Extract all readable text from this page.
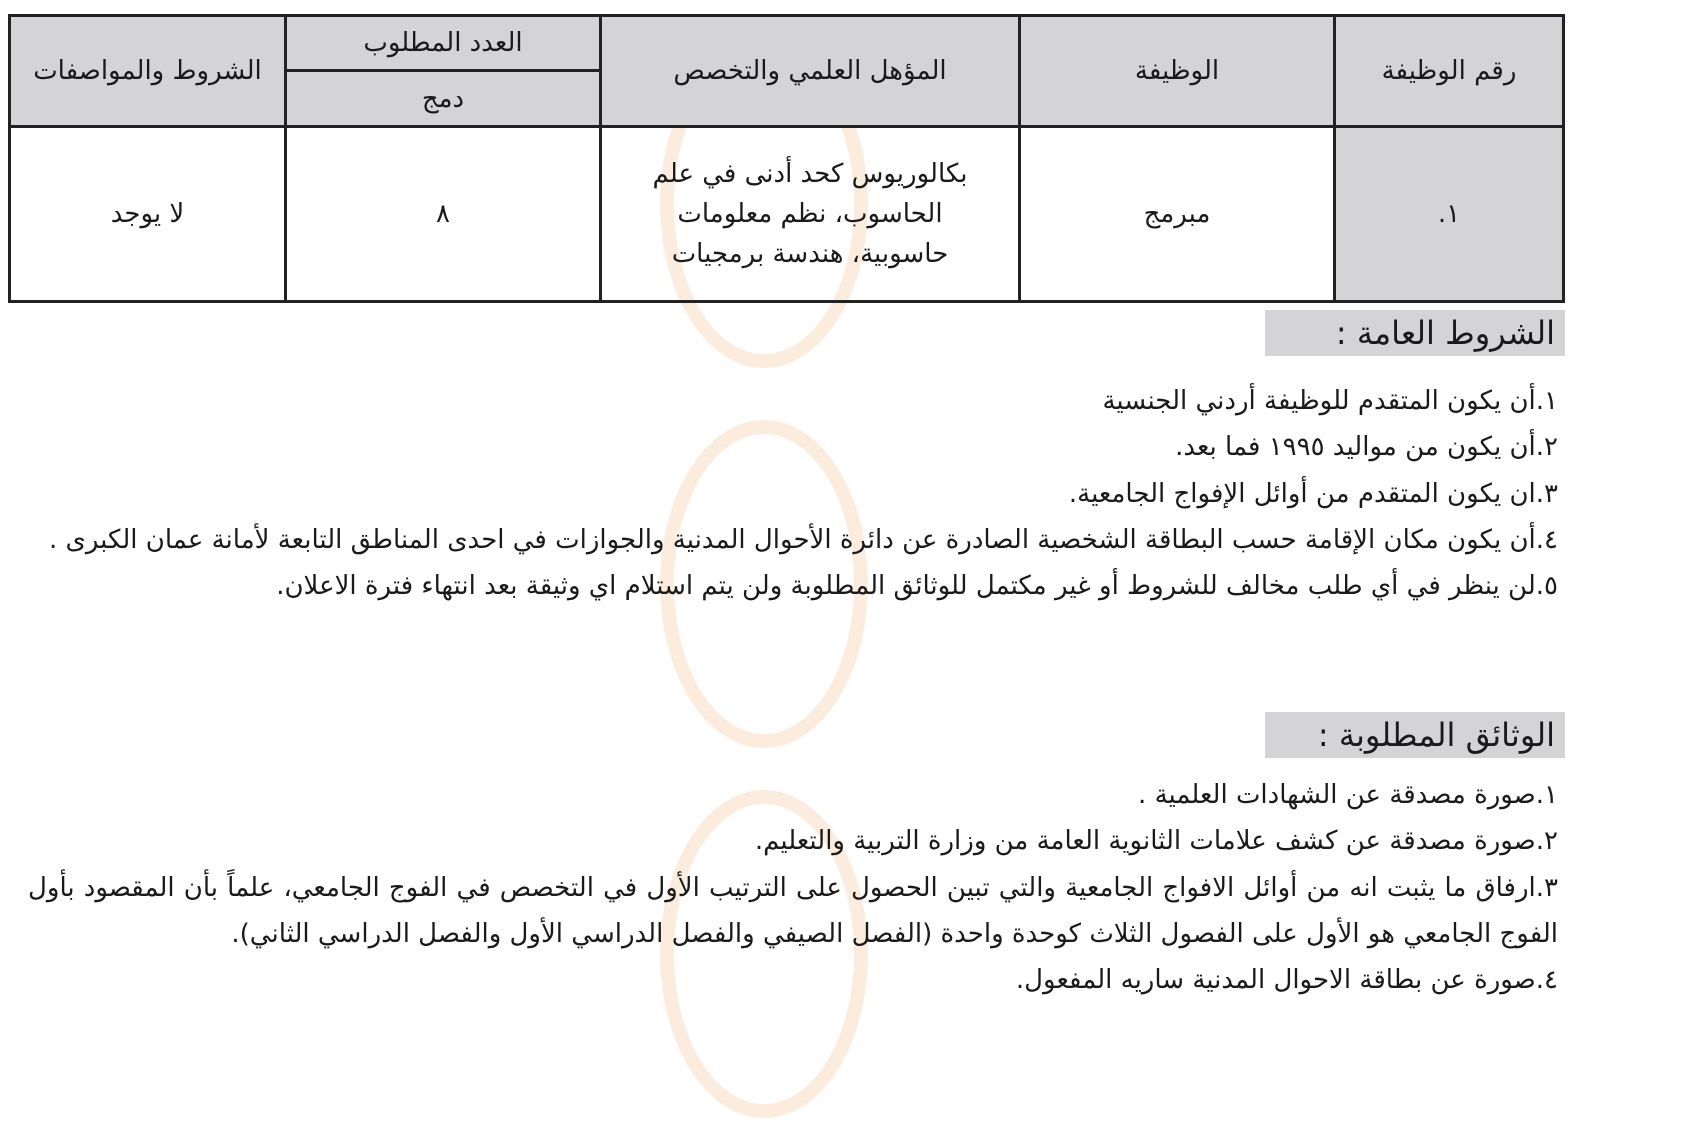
رقم الوظيفة	الوظيفة	المؤهل العلمي والتخصص	العدد المطلوب	الشروط والمواصفات
			دمج	
١.	مبرمج	بكالوريوس كحد أدنى في علم الحاسوب، نظم معلومات حاسوبية، هندسة برمجيات	٨	لا يوجد
الشروط العامة :

١.أن يكون المتقدم للوظيفة أردني الجنسية

٢.أن يكون من مواليد ١٩٩٥ فما بعد.

٣.ان يكون المتقدم من أوائل الإفواج الجامعية.

٤.أن يكون مكان الإقامة حسب البطاقة الشخصية الصادرة عن دائرة الأحوال المدنية والجوازات في احدى المناطق التابعة لأمانة عمان الكبرى .

٥.لن ينظر في أي طلب مخالف للشروط أو غير مكتمل للوثائق المطلوبة ولن يتم استلام اي وثيقة بعد انتهاء فترة الاعلان.

الوثائق المطلوبة :

١.صورة مصدقة عن الشهادات العلمية .

٢.صورة مصدقة عن كشف علامات الثانوية العامة من وزارة التربية والتعليم.

٣.ارفاق ما يثبت انه من أوائل الافواج الجامعية والتي تبين الحصول على الترتيب الأول في التخصص في الفوج الجامعي، علماً بأن المقصود بأول الفوج الجامعي هو الأول على الفصول الثلاث كوحدة واحدة (الفصل الصيفي والفصل الدراسي الأول والفصل الدراسي الثاني).

٤.صورة عن بطاقة الاحوال المدنية ساريه المفعول.
